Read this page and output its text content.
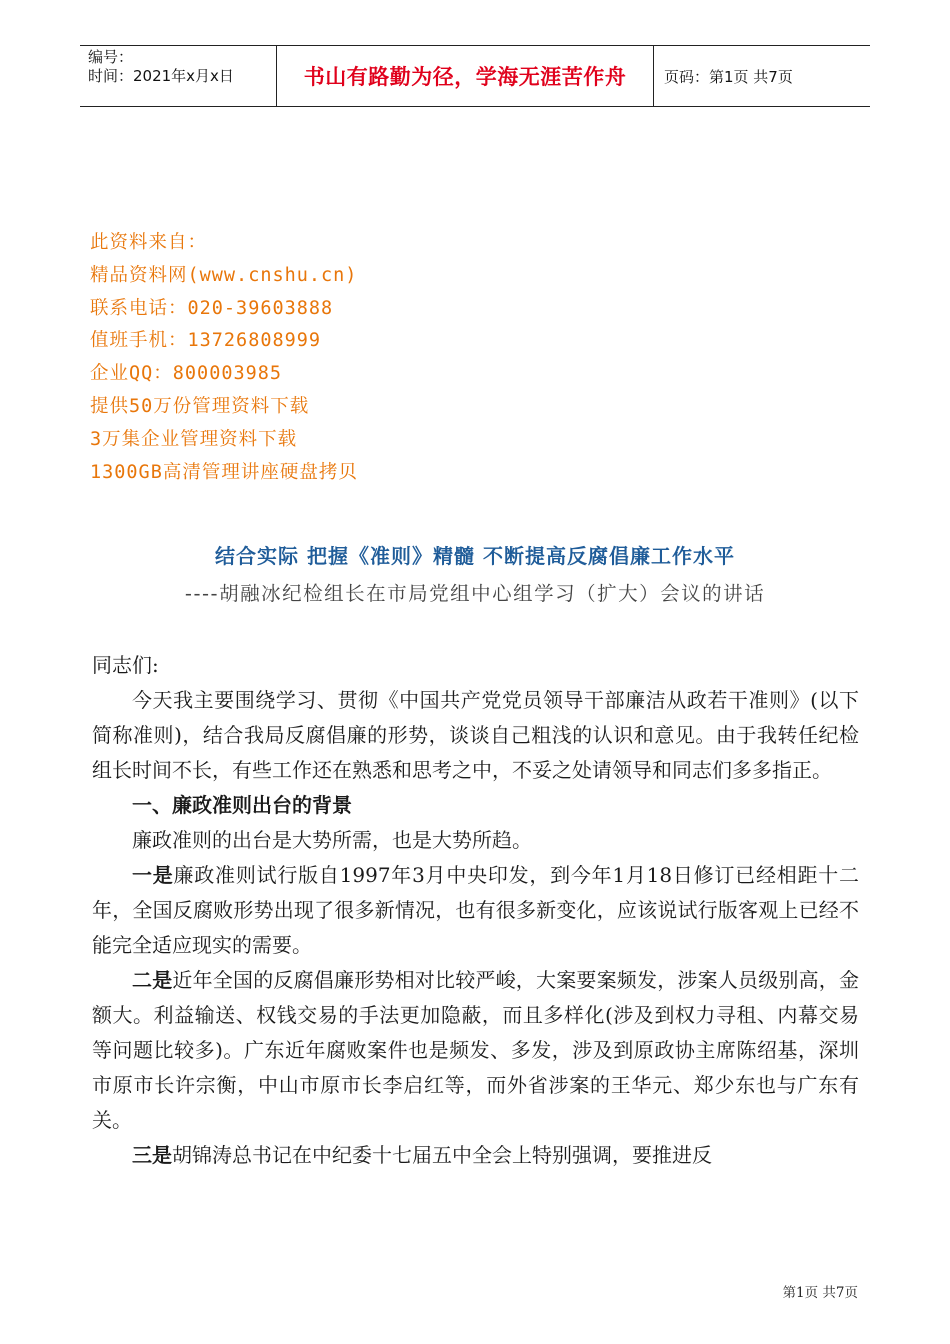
编号：
时间：2021年x月x日	书山有路勤为径，学海无涯苦作舟	页码：第1页 共7页
此资料来自：
精品资料网(www.cnshu.cn)
联系电话：020-39603888
值班手机：13726808999
企业QQ：800003985
提供50万份管理资料下载
3万集企业管理资料下载
1300GB高清管理讲座硬盘拷贝
结合实际 把握《准则》精髓 不断提高反腐倡廉工作水平
----胡融冰纪检组长在市局党组中心组学习（扩大）会议的讲话

同志们:

今天我主要围绕学习、贯彻《中国共产党党员领导干部廉洁从政若干准则》(以下简称准则)，结合我局反腐倡廉的形势，谈谈自己粗浅的认识和意见。由于我转任纪检组长时间不长，有些工作还在熟悉和思考之中，不妥之处请领导和同志们多多指正。

一、廉政准则出台的背景

廉政准则的出台是大势所需，也是大势所趋。

一是廉政准则试行版自1997年3月中央印发，到今年1月18日修订已经相距十二年，全国反腐败形势出现了很多新情况，也有很多新变化，应该说试行版客观上已经不能完全适应现实的需要。

二是近年全国的反腐倡廉形势相对比较严峻，大案要案频发，涉案人员级别高，金额大。利益输送、权钱交易的手法更加隐蔽，而且多样化(涉及到权力寻租、内幕交易等问题比较多)。广东近年腐败案件也是频发、多发，涉及到原政协主席陈绍基，深圳市原市长许宗衡，中山市原市长李启红等，而外省涉案的王华元、郑少东也与广东有关。

三是胡锦涛总书记在中纪委十七届五中全会上特别强调，要推进反

第1页 共7页
